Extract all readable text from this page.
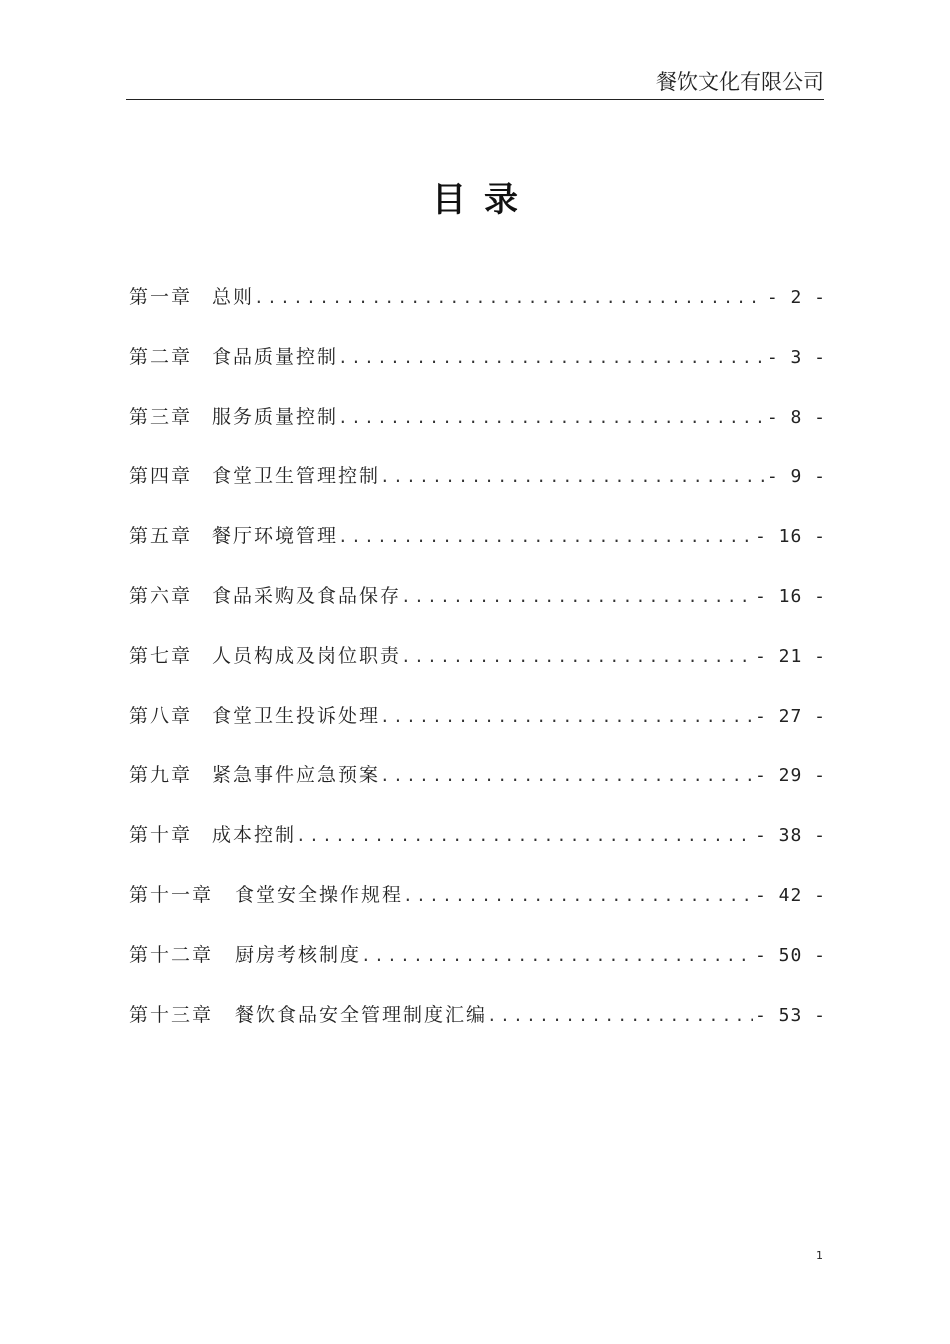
餐饮文化有限公司
目录
第一章 总则 .....	- 2 -
第二章 食品质量控制 .....	- 3 -
第三章 服务质量控制 .....	- 8 -
第四章 食堂卫生管理控制 .....	- 9 -
第五章 餐厅环境管理 .....	- 16 -
第六章 食品采购及食品保存 .....	- 16 -
第七章 人员构成及岗位职责 .....	- 21 -
第八章 食堂卫生投诉处理 .....	- 27 -
第九章 紧急事件应急预案 .....	- 29 -
第十章 成本控制 .....	- 38 -
第十一章 食堂安全操作规程 .....	- 42 -
第十二章 厨房考核制度 .....	- 50 -
第十三章 餐饮食品安全管理制度汇编 .....	- 53 -
1
